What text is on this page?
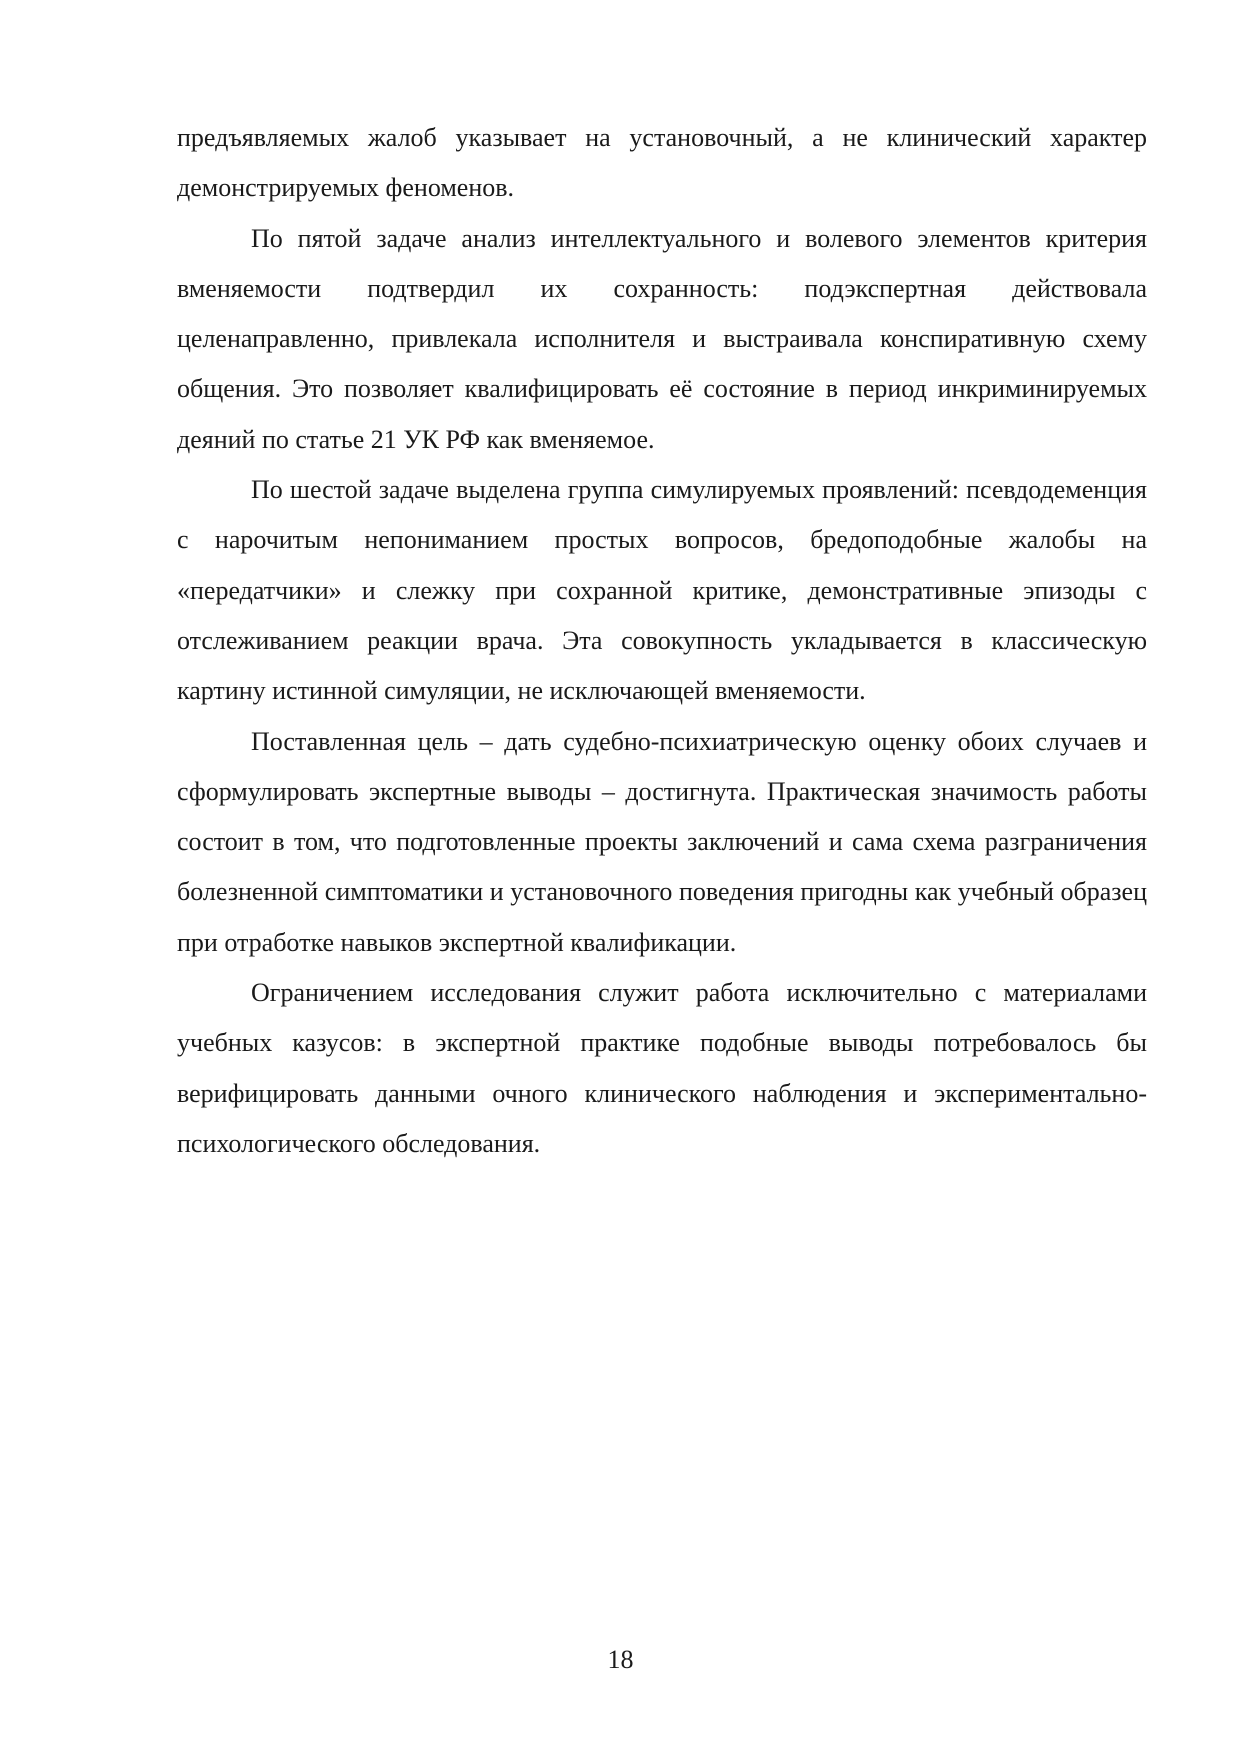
предъявляемых жалоб указывает на установочный, а не клинический характер демонстрируемых феноменов.

По пятой задаче анализ интеллектуального и волевого элементов критерия вменяемости подтвердил их сохранность: подэкспертная действовала целенаправленно, привлекала исполнителя и выстраивала конспиративную схему общения. Это позволяет квалифицировать её состояние в период инкриминируемых деяний по статье 21 УК РФ как вменяемое.

По шестой задаче выделена группа симулируемых проявлений: псевдодеменция с нарочитым непониманием простых вопросов, бредоподобные жалобы на «передатчики» и слежку при сохранной критике, демонстративные эпизоды с отслеживанием реакции врача. Эта совокупность укладывается в классическую картину истинной симуляции, не исключающей вменяемости.

Поставленная цель – дать судебно-психиатрическую оценку обоих случаев и сформулировать экспертные выводы – достигнута. Практическая значимость работы состоит в том, что подготовленные проекты заключений и сама схема разграничения болезненной симптоматики и установочного поведения пригодны как учебный образец при отработке навыков экспертной квалификации.

Ограничением исследования служит работа исключительно с материалами учебных казусов: в экспертной практике подобные выводы потребовалось бы верифицировать данными очного клинического наблюдения и экспериментально-психологического обследования.

18
